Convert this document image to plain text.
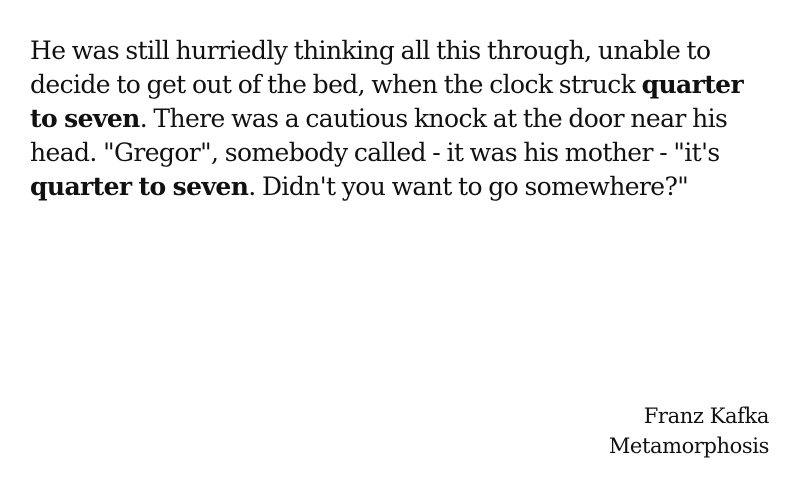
He was still hurriedly thinking all this through, unable to decide to get out of the bed, when the clock struck quarter to seven. There was a cautious knock at the door near his head. "Gregor", somebody called - it was his mother - "it's quarter to seven. Didn't you want to go somewhere?"

Franz Kafka
Metamorphosis
